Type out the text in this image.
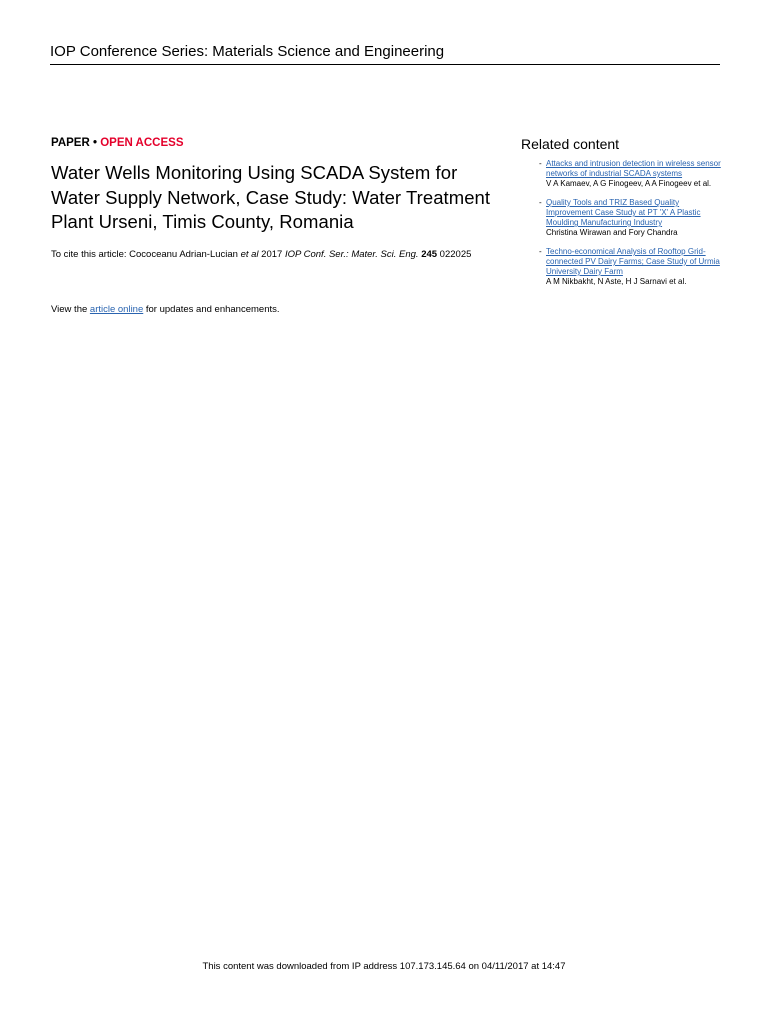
IOP Conference Series: Materials Science and Engineering
PAPER • OPEN ACCESS
Water Wells Monitoring Using SCADA System for Water Supply Network, Case Study: Water Treatment Plant Urseni, Timis County, Romania
To cite this article: Cococeanu Adrian-Lucian et al 2017 IOP Conf. Ser.: Mater. Sci. Eng. 245 022025
View the article online for updates and enhancements.
Related content
- Attacks and intrusion detection in wireless sensor networks of industrial SCADA systems
V A Kamaev, A G Finogeev, A A Finogeev et al.
- Quality Tools and TRIZ Based Quality Improvement Case Study at PT 'X' A Plastic Moulding Manufacturing Industry
Christina Wirawan and Fory Chandra
- Techno-economical Analysis of Rooftop Grid-connected PV Dairy Farms; Case Study of Urmia University Dairy Farm
A M Nikbakht, N Aste, H J Sarnavi et al.
This content was downloaded from IP address 107.173.145.64 on 04/11/2017 at 14:47
